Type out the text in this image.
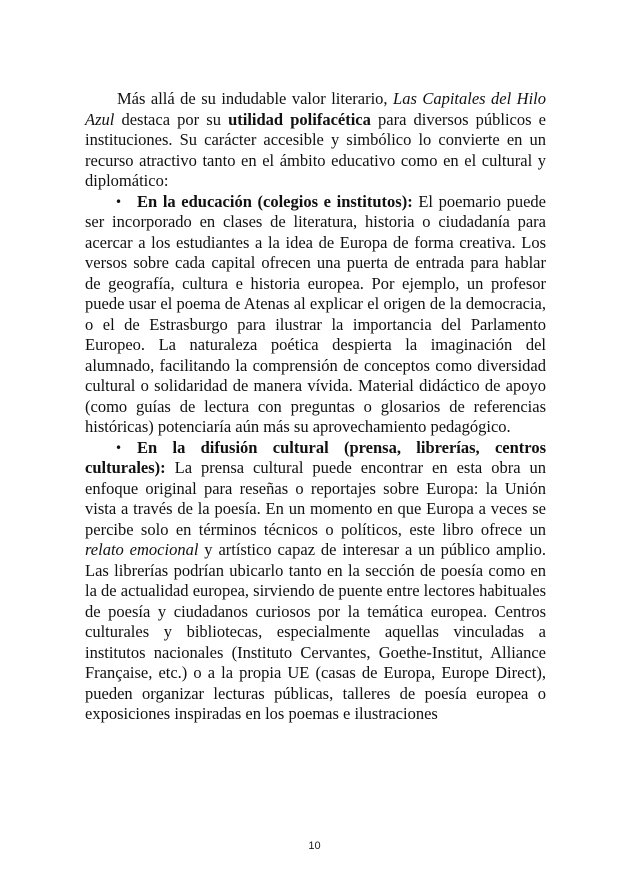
Más allá de su indudable valor literario, Las Capitales del Hilo Azul destaca por su utilidad polifacética para diversos públicos e instituciones. Su carácter accesible y simbólico lo convierte en un recurso atractivo tanto en el ámbito educativo como en el cultural y diplomático:

• En la educación (colegios e institutos): El poemario puede ser incorporado en clases de literatura, historia o ciudadanía para acercar a los estudiantes a la idea de Europa de forma creativa. Los versos sobre cada capital ofrecen una puerta de entrada para hablar de geografía, cultura e historia europea. Por ejemplo, un profesor puede usar el poema de Atenas al explicar el origen de la democracia, o el de Estrasburgo para ilustrar la importancia del Parlamento Europeo. La naturaleza poética despierta la imaginación del alumnado, facilitando la comprensión de conceptos como diversidad cultural o solidaridad de manera vívida. Material didáctico de apoyo (como guías de lectura con preguntas o glosarios de referencias históricas) potenciaría aún más su aprovechamiento pedagógico.

• En la difusión cultural (prensa, librerías, centros culturales): La prensa cultural puede encontrar en esta obra un enfoque original para reseñas o reportajes sobre Europa: la Unión vista a través de la poesía. En un momento en que Europa a veces se percibe solo en términos técnicos o políticos, este libro ofrece un relato emocional y artístico capaz de interesar a un público amplio. Las librerías podrían ubicarlo tanto en la sección de poesía como en la de actualidad europea, sirviendo de puente entre lectores habituales de poesía y ciudadanos curiosos por la temática europea. Centros culturales y bibliotecas, especialmente aquellas vinculadas a institutos nacionales (Instituto Cervantes, Goethe-Institut, Alliance Française, etc.) o a la propia UE (casas de Europa, Europe Direct), pueden organizar lecturas públicas, talleres de poesía europea o exposiciones inspiradas en los poemas e ilustraciones

10
